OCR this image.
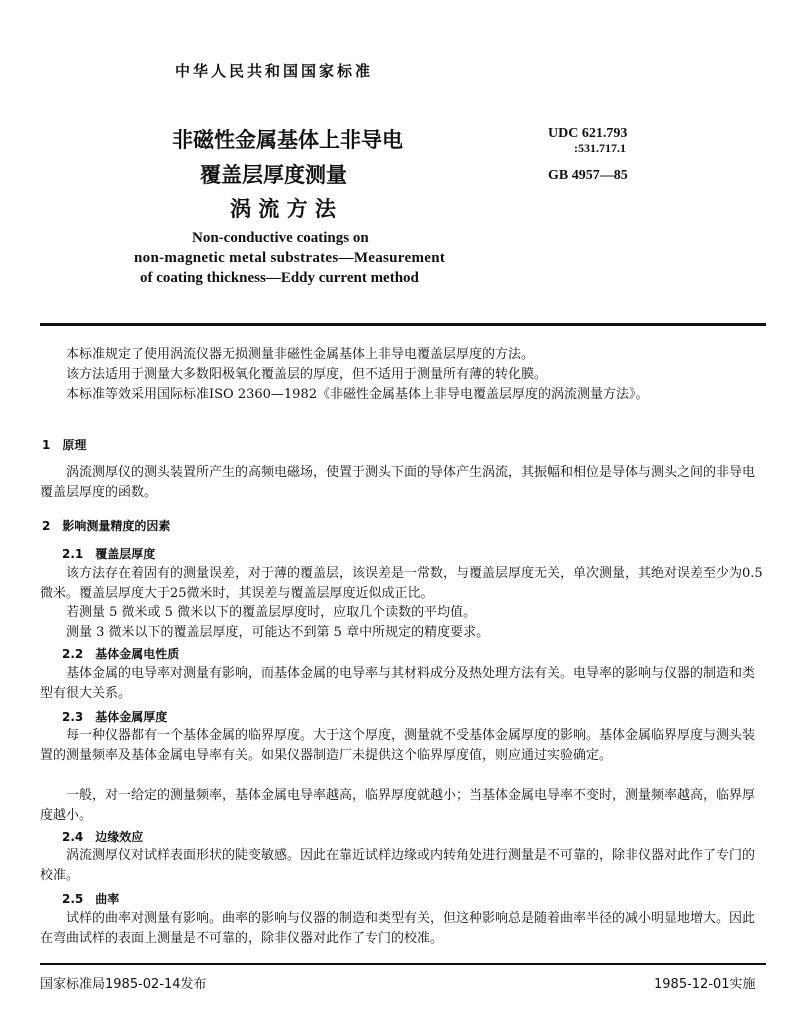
中华人民共和国国家标准
非磁性金属基体上非导电
覆盖层厚度测量
涡 流 方 法
Non-conductive coatings on
non-magnetic metal substrates—Measurement
of coating thickness—Eddy current method
UDC 621.793
:531.717.1
GB 4957—85
本标准规定了使用涡流仪器无损测量非磁性金属基体上非导电覆盖层厚度的方法。
该方法适用于测量大多数阳极氧化覆盖层的厚度，但不适用于测量所有薄的转化膜。
本标准等效采用国际标准ISO 2360—1982《非磁性金属基体上非导电覆盖层厚度的涡流测量方法》。
1　原理
涡流测厚仪的测头装置所产生的高频电磁场，使置于测头下面的导体产生涡流，其振幅和相位是导体与测头之间的非导电覆盖层厚度的函数。
2　影响测量精度的因素
2.1　覆盖层厚度
该方法存在着固有的测量误差，对于薄的覆盖层，该误差是一常数，与覆盖层厚度无关，单次测量，其绝对误差至少为0.5微米。覆盖层厚度大于25微米时，其误差与覆盖层厚度近似成正比。
若测量 5 微米或 5 微米以下的覆盖层厚度时，应取几个读数的平均值。
测量 3 微米以下的覆盖层厚度，可能达不到第 5 章中所规定的精度要求。
2.2　基体金属电性质
基体金属的电导率对测量有影响，而基体金属的电导率与其材料成分及热处理方法有关。电导率的影响与仪器的制造和类型有很大关系。
2.3　基体金属厚度
每一种仪器都有一个基体金属的临界厚度。大于这个厚度，测量就不受基体金属厚度的影响。基体金属临界厚度与测头装置的测量频率及基体金属电导率有关。如果仪器制造厂未提供这个临界厚度值，则应通过实验确定。
一般，对一给定的测量频率，基体金属电导率越高，临界厚度就越小；当基体金属电导率不变时，测量频率越高，临界厚度越小。
2.4　边缘效应
涡流测厚仪对试样表面形状的陡变敏感。因此在靠近试样边缘或内转角处进行测量是不可靠的，除非仪器对此作了专门的校准。
2.5　曲率
试样的曲率对测量有影响。曲率的影响与仪器的制造和类型有关，但这种影响总是随着曲率半径的减小明显地增大。因此在弯曲试样的表面上测量是不可靠的，除非仪器对此作了专门的校准。
国家标准局1985-02-14发布	1985-12-01实施
